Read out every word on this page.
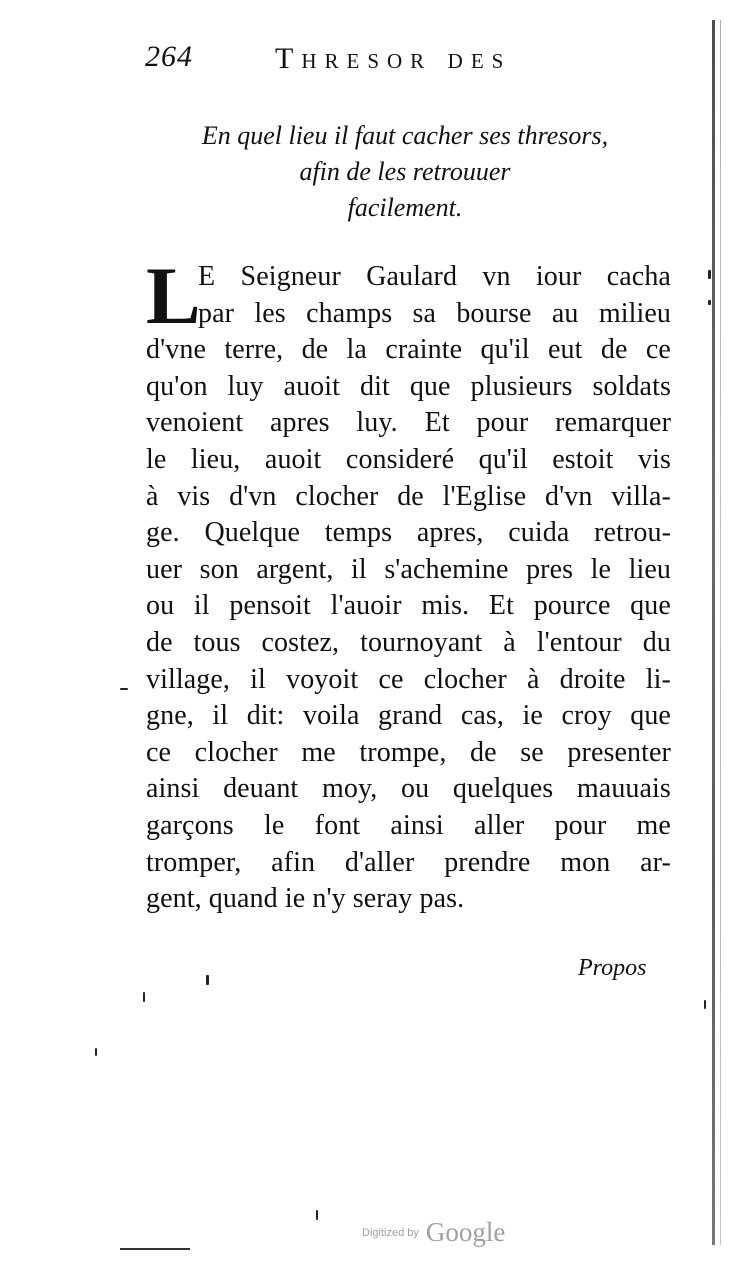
264	Thresor des
En quel lieu il faut cacher ses thresors,
afin de les retrouuer
facilement.
L
E Seigneur Gaulard vn iour cacha
par les champs sa bourse au milieu
d'vne terre, de la crainte qu'il eut de ce
qu'on luy auoit dit que plusieurs soldats
venoient apres luy. Et pour remarquer
le lieu, auoit consideré qu'il estoit vis
à vis d'vn clocher de l'Eglise d'vn villa-
ge. Quelque temps apres, cuida retrou-
uer son argent, il s'achemine pres le lieu
ou il pensoit l'auoir mis. Et pource que
de tous costez, tournoyant à l'entour du
village, il voyoit ce clocher à droite li-
gne, il dit: voila grand cas, ie croy que
ce clocher me trompe, de se presenter
ainsi deuant moy, ou quelques mauuais
garçons le font ainsi aller pour me
tromper, afin d'aller prendre mon ar-
gent, quand ie n'y seray pas.
Propos
Digitized by Google
